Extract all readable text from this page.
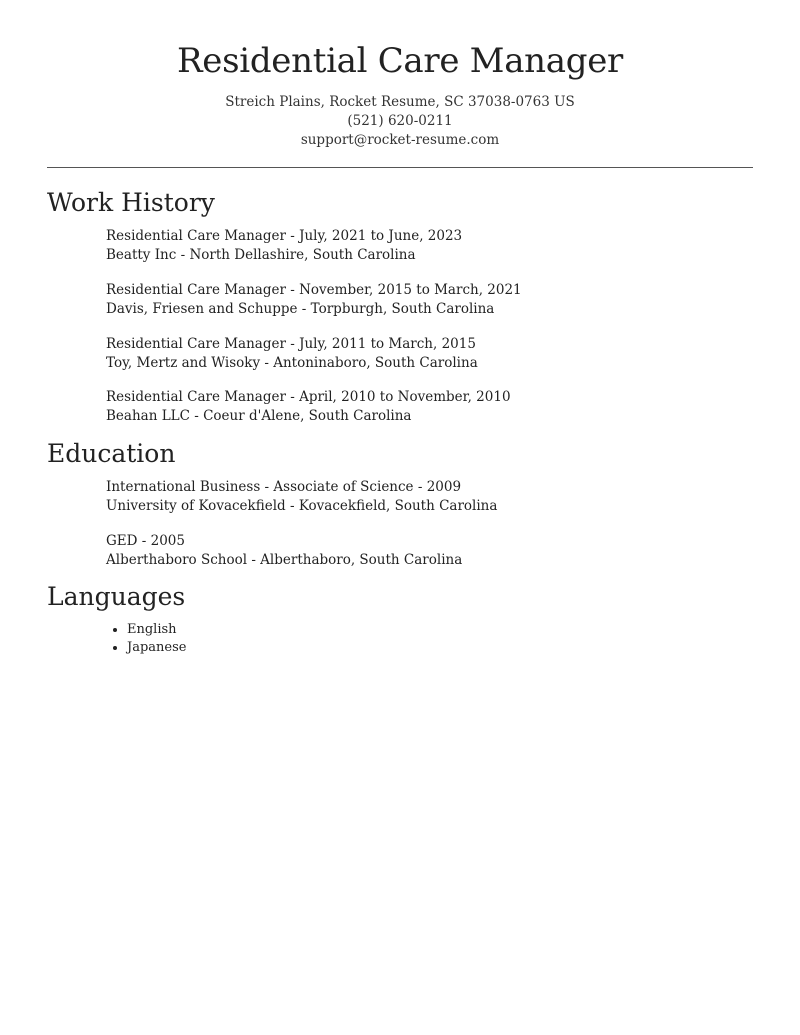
Residential Care Manager
Streich Plains, Rocket Resume, SC 37038-0763 US
(521) 620-0211
support@rocket-resume.com
Work History
Residential Care Manager - July, 2021 to June, 2023
Beatty Inc - North Dellashire, South Carolina
Residential Care Manager - November, 2015 to March, 2021
Davis, Friesen and Schuppe - Torpburgh, South Carolina
Residential Care Manager - July, 2011 to March, 2015
Toy, Mertz and Wisoky - Antoninaboro, South Carolina
Residential Care Manager - April, 2010 to November, 2010
Beahan LLC - Coeur d'Alene, South Carolina
Education
International Business - Associate of Science - 2009
University of Kovacekfield - Kovacekfield, South Carolina
GED - 2005
Alberthaboro School - Alberthaboro, South Carolina
Languages
• English
• Japanese
